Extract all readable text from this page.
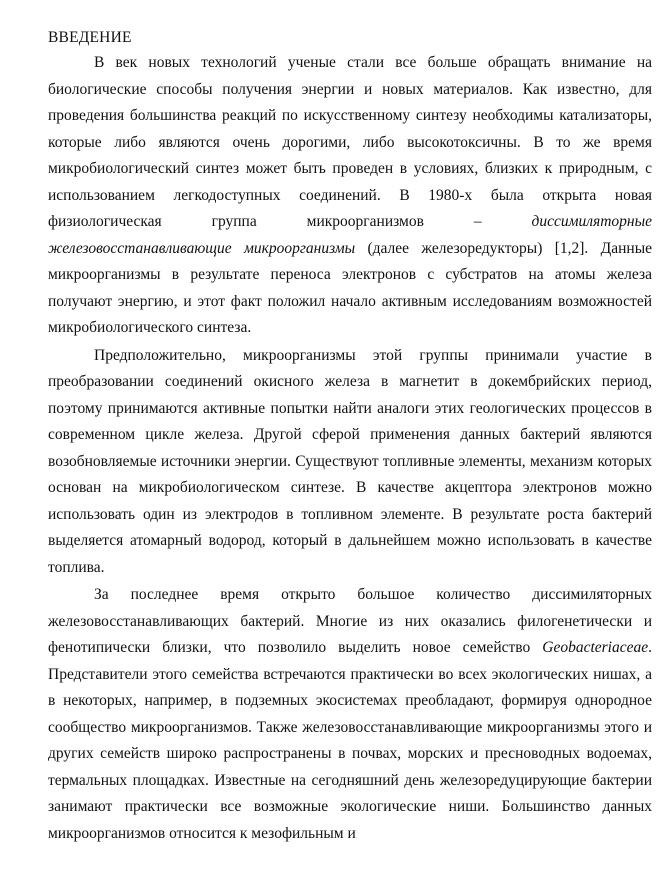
ВВЕДЕНИЕ

В век новых технологий ученые стали все больше обращать внимание на биологические способы получения энергии и новых материалов. Как известно, для проведения большинства реакций по искусственному синтезу необходимы катализаторы, которые либо являются очень дорогими, либо высокотоксичны. В то же время микробиологический синтез может быть проведен в условиях, близких к природным, с использованием легкодоступных соединений. В 1980-х была открыта новая физиологическая группа микроорганизмов – диссимиляторные железовосстанавливающие микроорганизмы (далее железоредукторы) [1,2]. Данные микроорганизмы в результате переноса электронов с субстратов на атомы железа получают энергию, и этот факт положил начало активным исследованиям возможностей микробиологического синтеза.

Предположительно, микроорганизмы этой группы принимали участие в преобразовании соединений окисного железа в магнетит в докембрийских период, поэтому принимаются активные попытки найти аналоги этих геологических процессов в современном цикле железа. Другой сферой применения данных бактерий являются возобновляемые источники энергии. Существуют топливные элементы, механизм которых основан на микробиологическом синтезе. В качестве акцептора электронов можно использовать один из электродов в топливном элементе. В результате роста бактерий выделяется атомарный водород, который в дальнейшем можно использовать в качестве топлива.

За последнее время открыто большое количество диссимиляторных железовосстанавливающих бактерий. Многие из них оказались филогенетически и фенотипически близки, что позволило выделить новое семейство Geobacteriaceae. Представители этого семейства встречаются практически во всех экологических нишах, а в некоторых, например, в подземных экосистемах преобладают, формируя однородное сообщество микроорганизмов. Также железовосстанавливающие микроорганизмы этого и других семейств широко распространены в почвах, морских и пресноводных водоемах, термальных площадках. Известные на сегодняшний день железоредуцирующие бактерии занимают практически все возможные экологические ниши. Большинство данных микроорганизмов относится к мезофильным и
